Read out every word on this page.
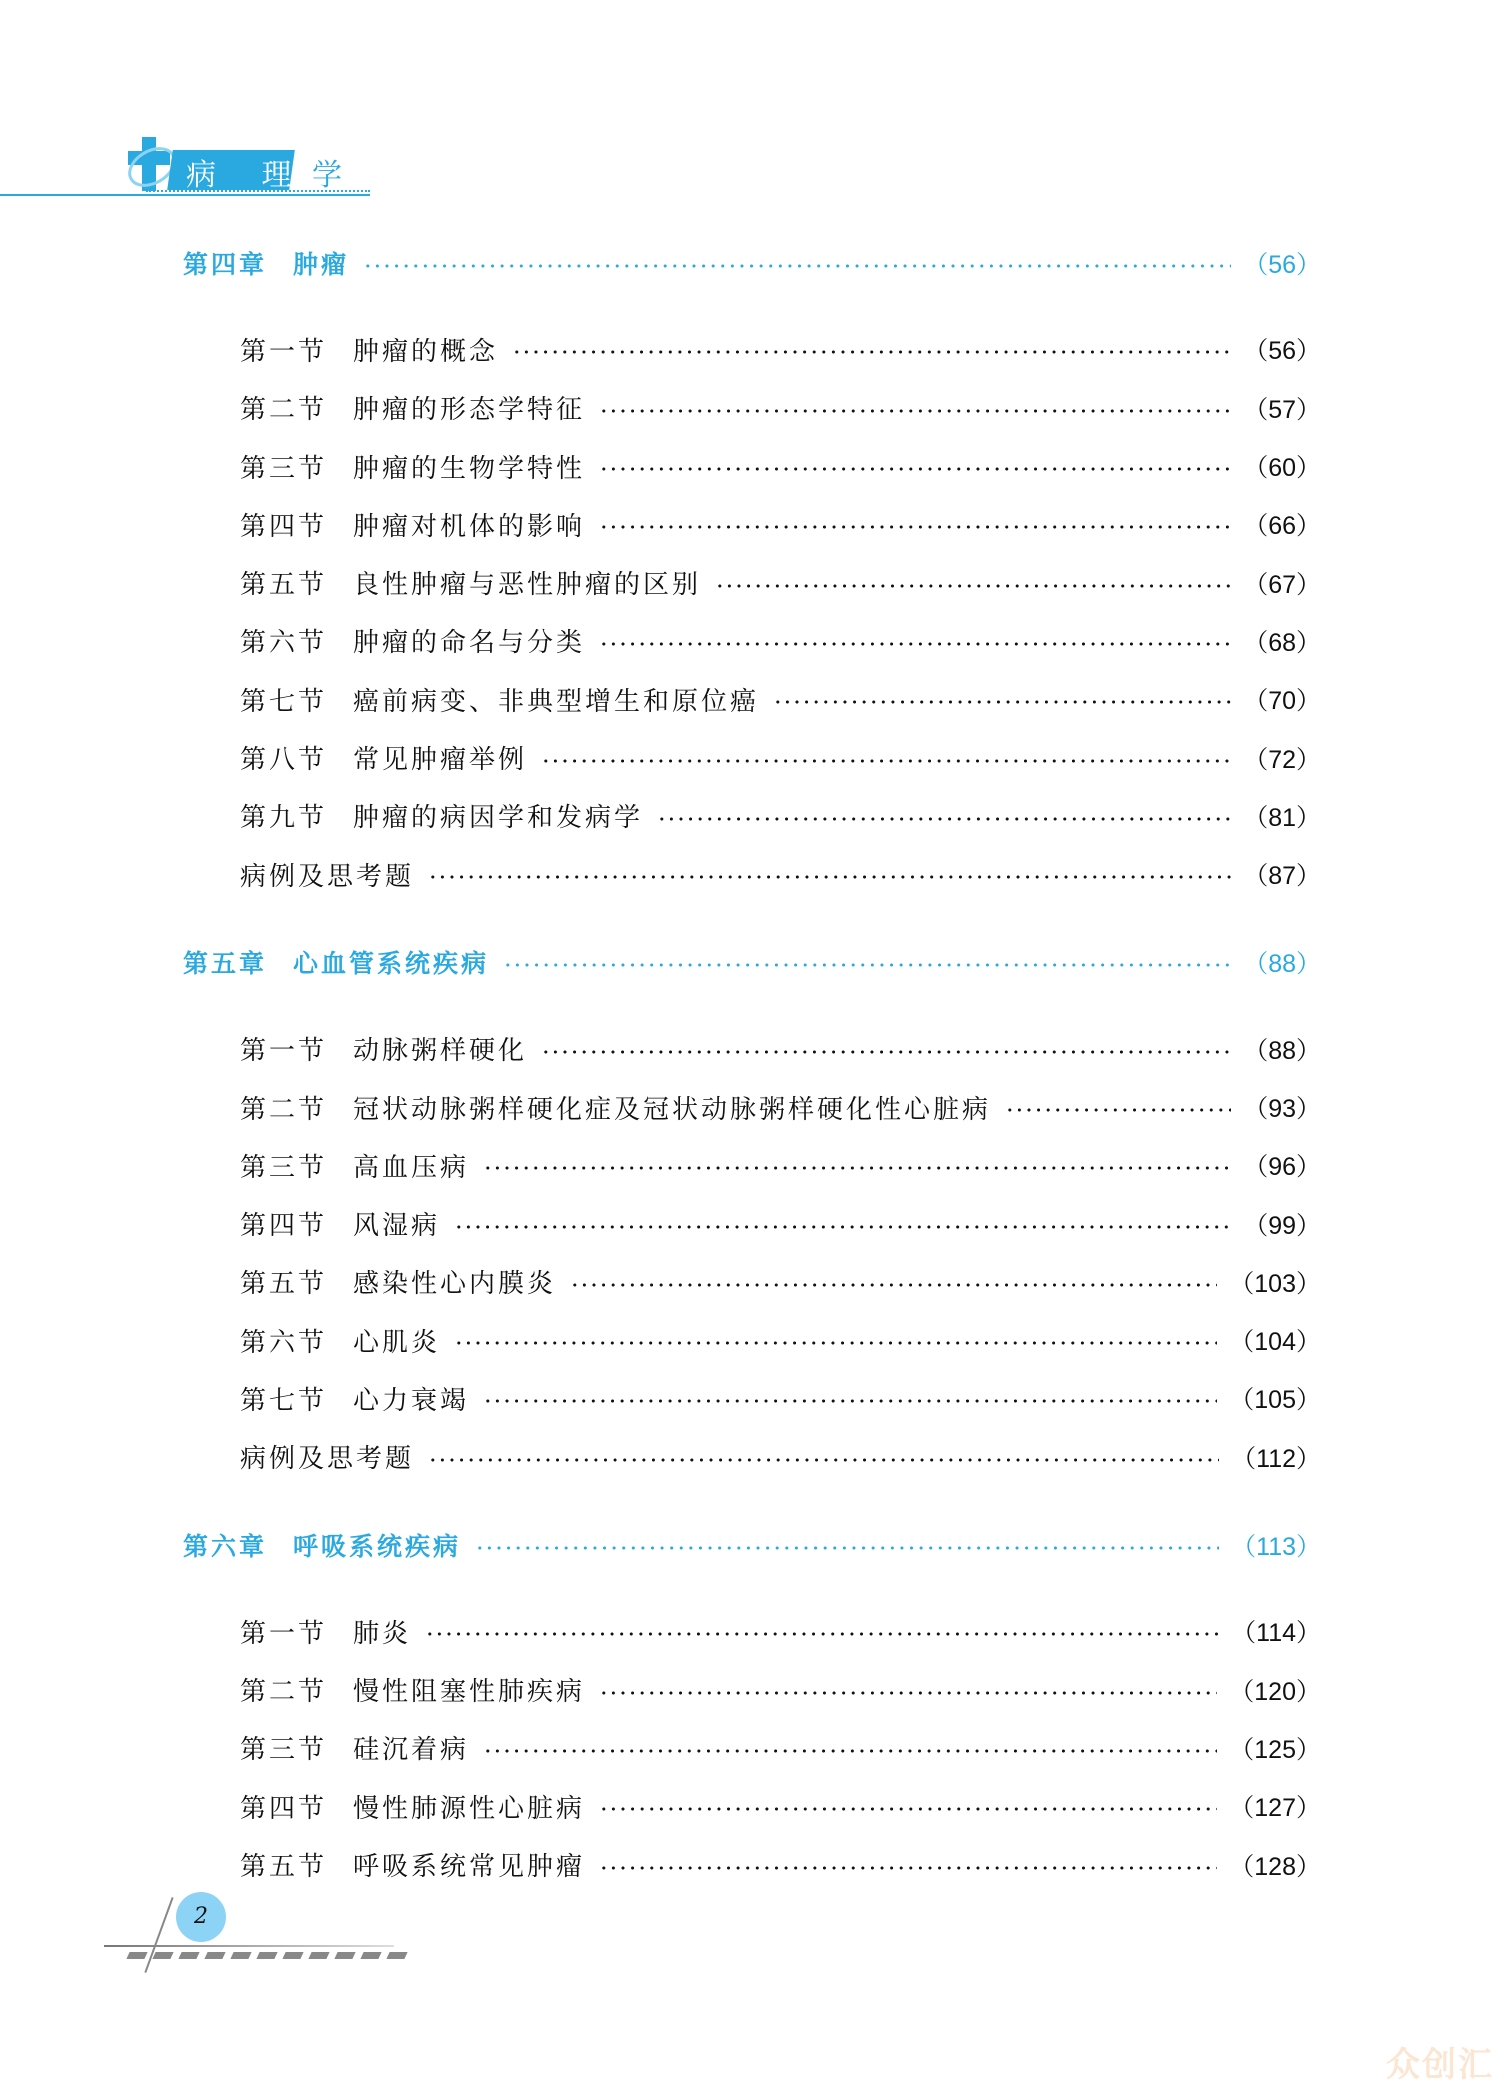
病 理 学
第四章 肿瘤	（56）
第一节 肿瘤的概念	（56）
第二节 肿瘤的形态学特征	（57）
第三节 肿瘤的生物学特性	（60）
第四节 肿瘤对机体的影响	（66）
第五节 良性肿瘤与恶性肿瘤的区别	（67）
第六节 肿瘤的命名与分类	（68）
第七节 癌前病变、非典型增生和原位癌	（70）
第八节 常见肿瘤举例	（72）
第九节 肿瘤的病因学和发病学	（81）
病例及思考题	（87）
第五章 心血管系统疾病	（88）
第一节 动脉粥样硬化	（88）
第二节 冠状动脉粥样硬化症及冠状动脉粥样硬化性心脏病	（93）
第三节 高血压病	（96）
第四节 风湿病	（99）
第五节 感染性心内膜炎	（103）
第六节 心肌炎	（104）
第七节 心力衰竭	（105）
病例及思考题	（112）
第六章 呼吸系统疾病	（113）
第一节 肺炎	（114）
第二节 慢性阻塞性肺疾病	（120）
第三节 硅沉着病	（125）
第四节 慢性肺源性心脏病	（127）
第五节 呼吸系统常见肿瘤	（128）
2
众创汇
